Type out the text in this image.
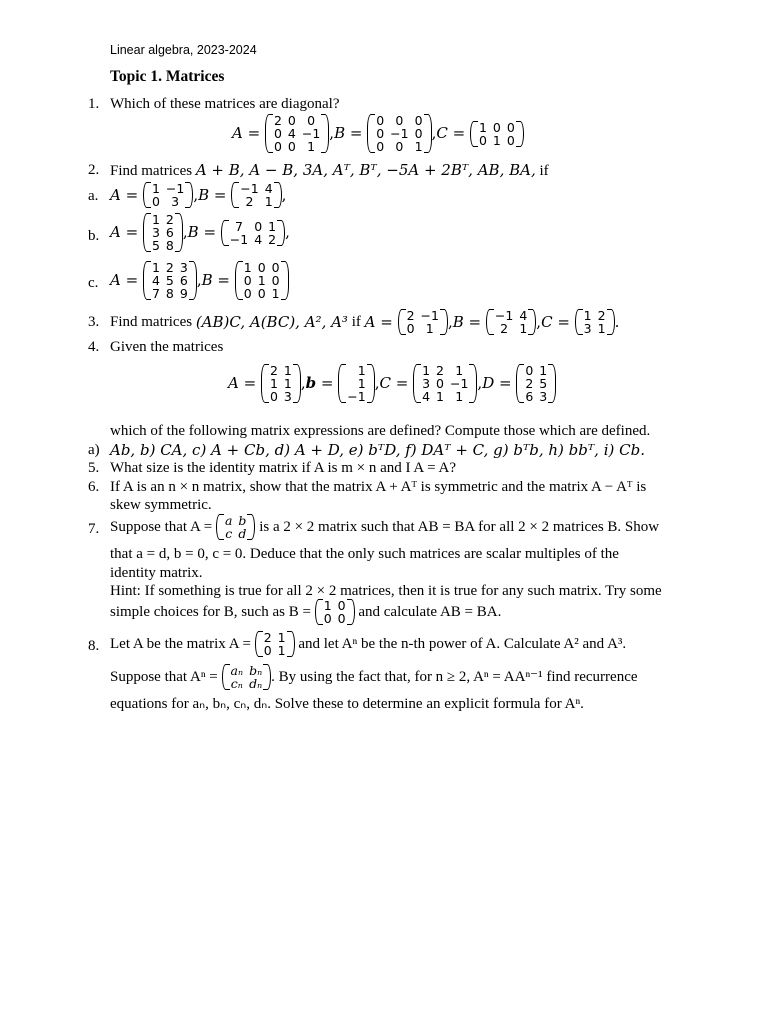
Linear algebra, 2023-2024
Topic 1. Matrices
1. Which of these matrices are diagonal?
A =
2 0 0
0 4 −1
0 0 1
, B =
0 0 0
0 −1 0
0 0 1
, C = 1 0 0
0 1 0
2. Find matrices A + B, A − B, 3A, Aᵀ, Bᵀ, −5A + 2Bᵀ, AB, BA, if
a. A = 1 −1
0 3 , B = −1 4
2 1 ,
b. A =
1 2
3 6
5 8
, B =	7 0 1
−1 4 2 ,
c. A =
1 2 3
4 5 6
7 8 9
, B =
1 0 0
0 1 0
0 0 1
3. Find matrices
(AB)C, A(BC), A², A³
if
A = 2 −1
0 1 , B = −1 4
2 1 , C = 1 2
3 1 .
4. Given the matrices
A =
2 1
1 1
0 3
, b =
1
1
−1
, C =
1 2 1
3 0 −1
4 1 1
, D =
0 1
2 5
6 3
which of the following matrix expressions are defined? Compute those which are defined.
a) Ab, b) CA, c) A + Cb, d) A + D, e) bᵀD, f) DAᵀ + C, g) bᵀb, h) bbᵀ, i) Cb.
5. What size is the identity matrix if A is m × n and I A = A?
6. If A is an n × n matrix, show that the matrix A + Aᵀ is symmetric and the matrix A − Aᵀ is
skew symmetric.
7. Suppose that A =
a b
c d
is a 2 × 2 matrix such that AB = BA for all 2 × 2 matrices B. Show
that a = d, b = 0, c = 0. Deduce that the only such matrices are scalar multiples of the
identity matrix.
Hint: If something is true for all 2 × 2 matrices, then it is true for any such matrix. Try some
simple choices for B, such as B =
1 0
0 0
and calculate AB = BA.
8. Let A be the matrix A =
2 1
0 1
and let Aⁿ be the n-th power of A. Calculate A² and A³.
Suppose that Aⁿ =
aₙ bₙ
cₙ dₙ . By using the fact that, for n ≥ 2, Aⁿ = AAⁿ⁻¹ find recurrence
equations for aₙ, bₙ, cₙ, dₙ. Solve these to determine an explicit formula for Aⁿ.
